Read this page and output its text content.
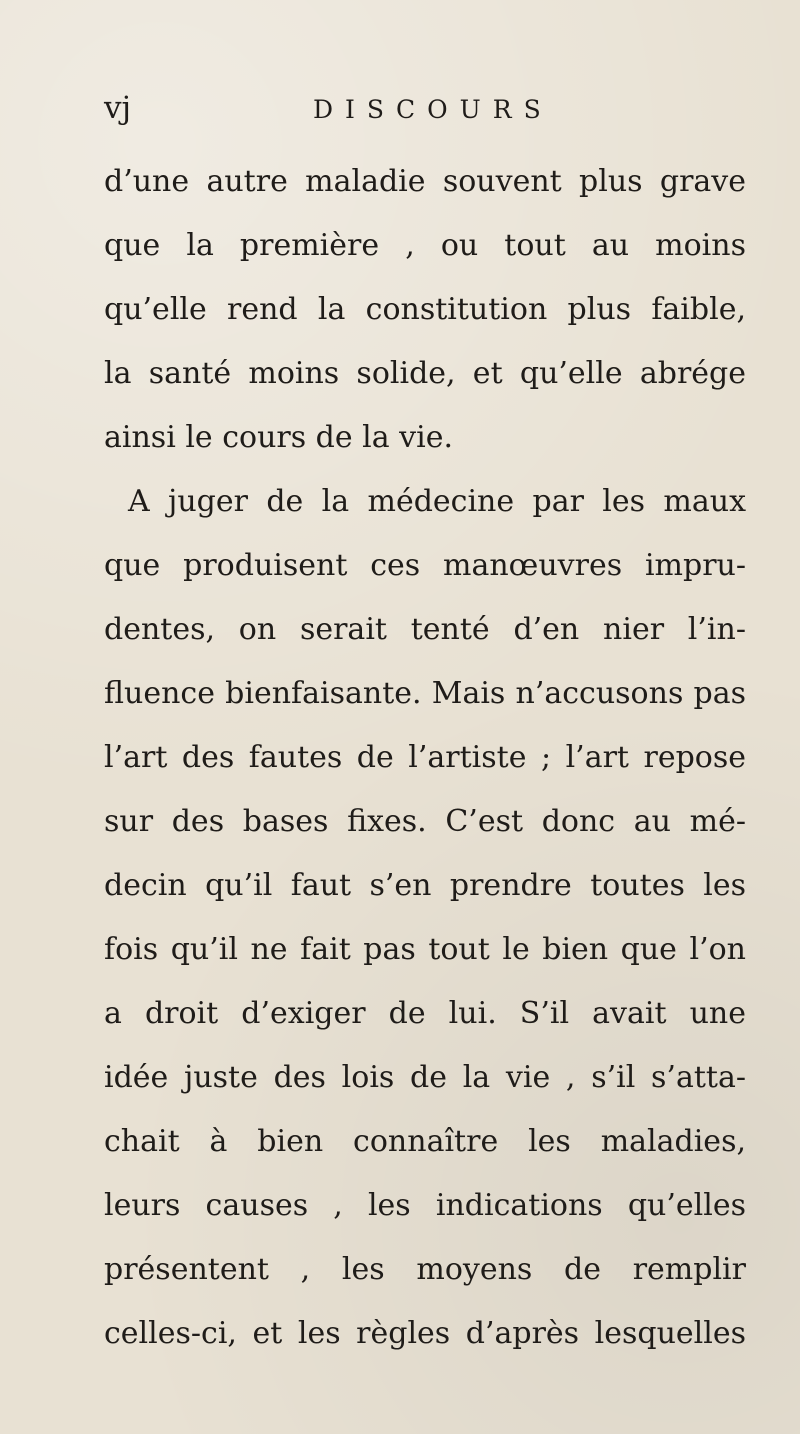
vj	DISCOURS
d’une autre maladie souvent plus grave
que la première , ou tout au moins
qu’elle rend la constitution plus faible,
la santé moins solide, et qu’elle abrége
ainsi le cours de la vie.
A juger de la médecine par les maux
que produisent ces manœuvres impru-
dentes, on serait tenté d’en nier l’in-
fluence bienfaisante. Mais n’accusons pas
l’art des fautes de l’artiste ; l’art repose
sur des bases fixes. C’est donc au mé-
decin qu’il faut s’en prendre toutes les
fois qu’il ne fait pas tout le bien que l’on
a droit d’exiger de lui. S’il avait une
idée juste des lois de la vie , s’il s’atta-
chait à bien connaître les maladies,
leurs causes , les indications qu’elles
présentent , les moyens de remplir
celles-ci, et les règles d’après lesquelles
